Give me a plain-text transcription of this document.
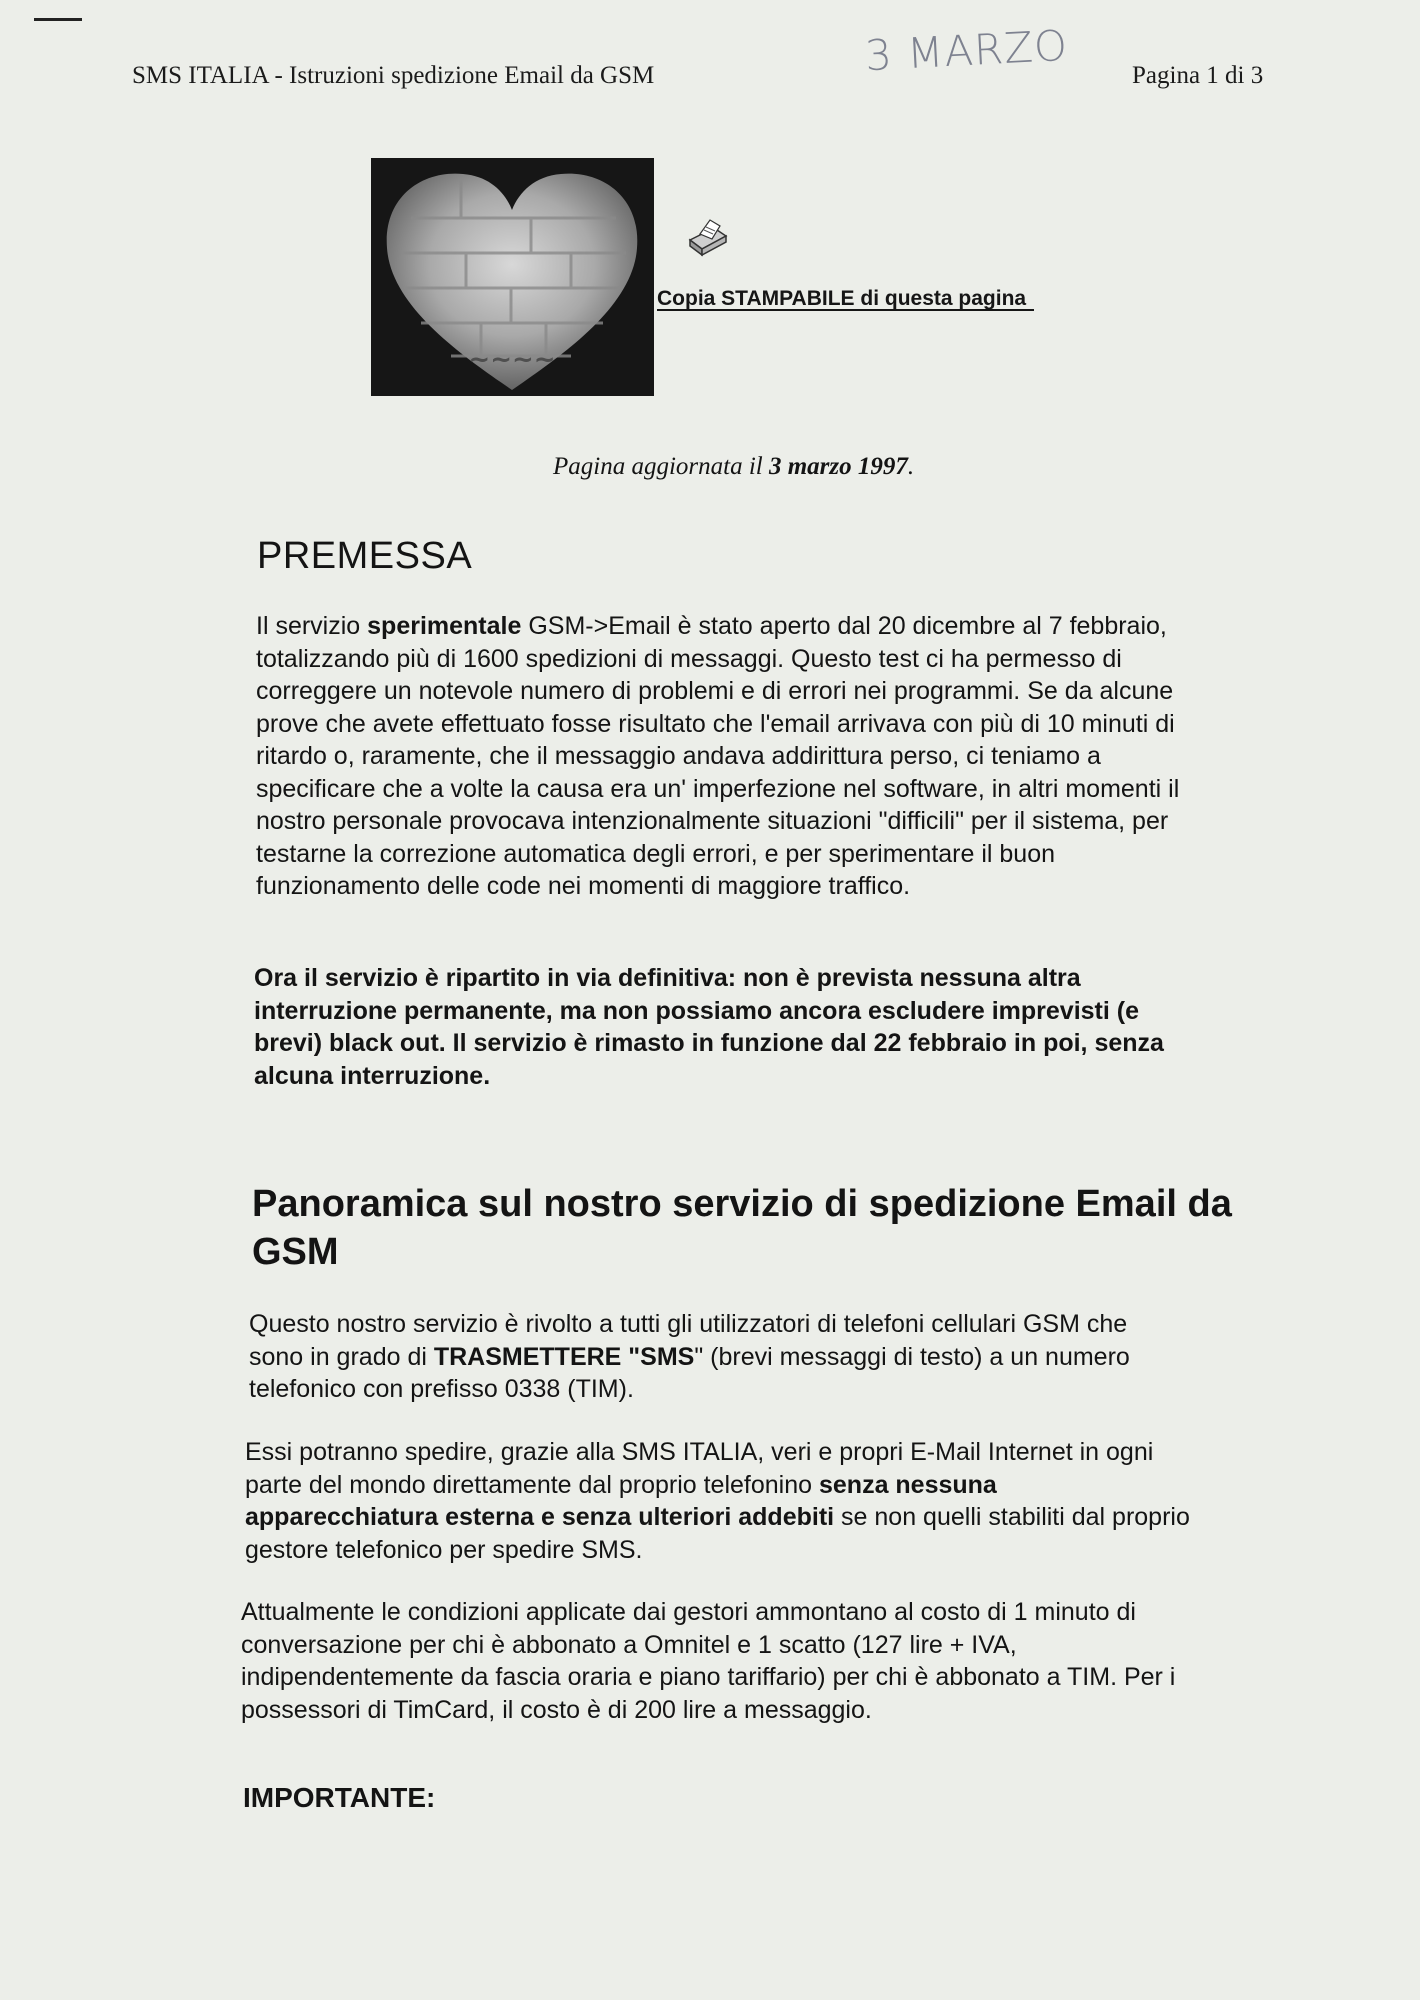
SMS ITALIA - Istruzioni spedizione Email da GSM	3 MARZO	Pagina 1 di 3
~~~~
Copia STAMPABILE di questa pagina
Pagina aggiornata il 3 marzo 1997.
PREMESSA

Il servizio sperimentale GSM->Email è stato aperto dal 20 dicembre al 7 febbraio, totalizzando più di 1600 spedizioni di messaggi. Questo test ci ha permesso di correggere un notevole numero di problemi e di errori nei programmi. Se da alcune prove che avete effettuato fosse risultato che l'email arrivava con più di 10 minuti di ritardo o, raramente, che il messaggio andava addirittura perso, ci teniamo a specificare che a volte la causa era un' imperfezione nel software, in altri momenti il nostro personale provocava intenzionalmente situazioni "difficili" per il sistema, per testarne la correzione automatica degli errori, e per sperimentare il buon funzionamento delle code nei momenti di maggiore traffico.

Ora il servizio è ripartito in via definitiva: non è prevista nessuna altra interruzione permanente, ma non possiamo ancora escludere imprevisti (e brevi) black out. Il servizio è rimasto in funzione dal 22 febbraio in poi, senza alcuna interruzione.

Panoramica sul nostro servizio di spedizione Email da GSM

Questo nostro servizio è rivolto a tutti gli utilizzatori di telefoni cellulari GSM che sono in grado di TRASMETTERE "SMS" (brevi messaggi di testo) a un numero telefonico con prefisso 0338 (TIM).

Essi potranno spedire, grazie alla SMS ITALIA, veri e propri E-Mail Internet in ogni parte del mondo direttamente dal proprio telefonino senza nessuna apparecchiatura esterna e senza ulteriori addebiti se non quelli stabiliti dal proprio gestore telefonico per spedire SMS.

Attualmente le condizioni applicate dai gestori ammontano al costo di 1 minuto di conversazione per chi è abbonato a Omnitel e 1 scatto (127 lire + IVA, indipendentemente da fascia oraria e piano tariffario) per chi è abbonato a TIM. Per i possessori di TimCard, il costo è di 200 lire a messaggio.

IMPORTANTE:
